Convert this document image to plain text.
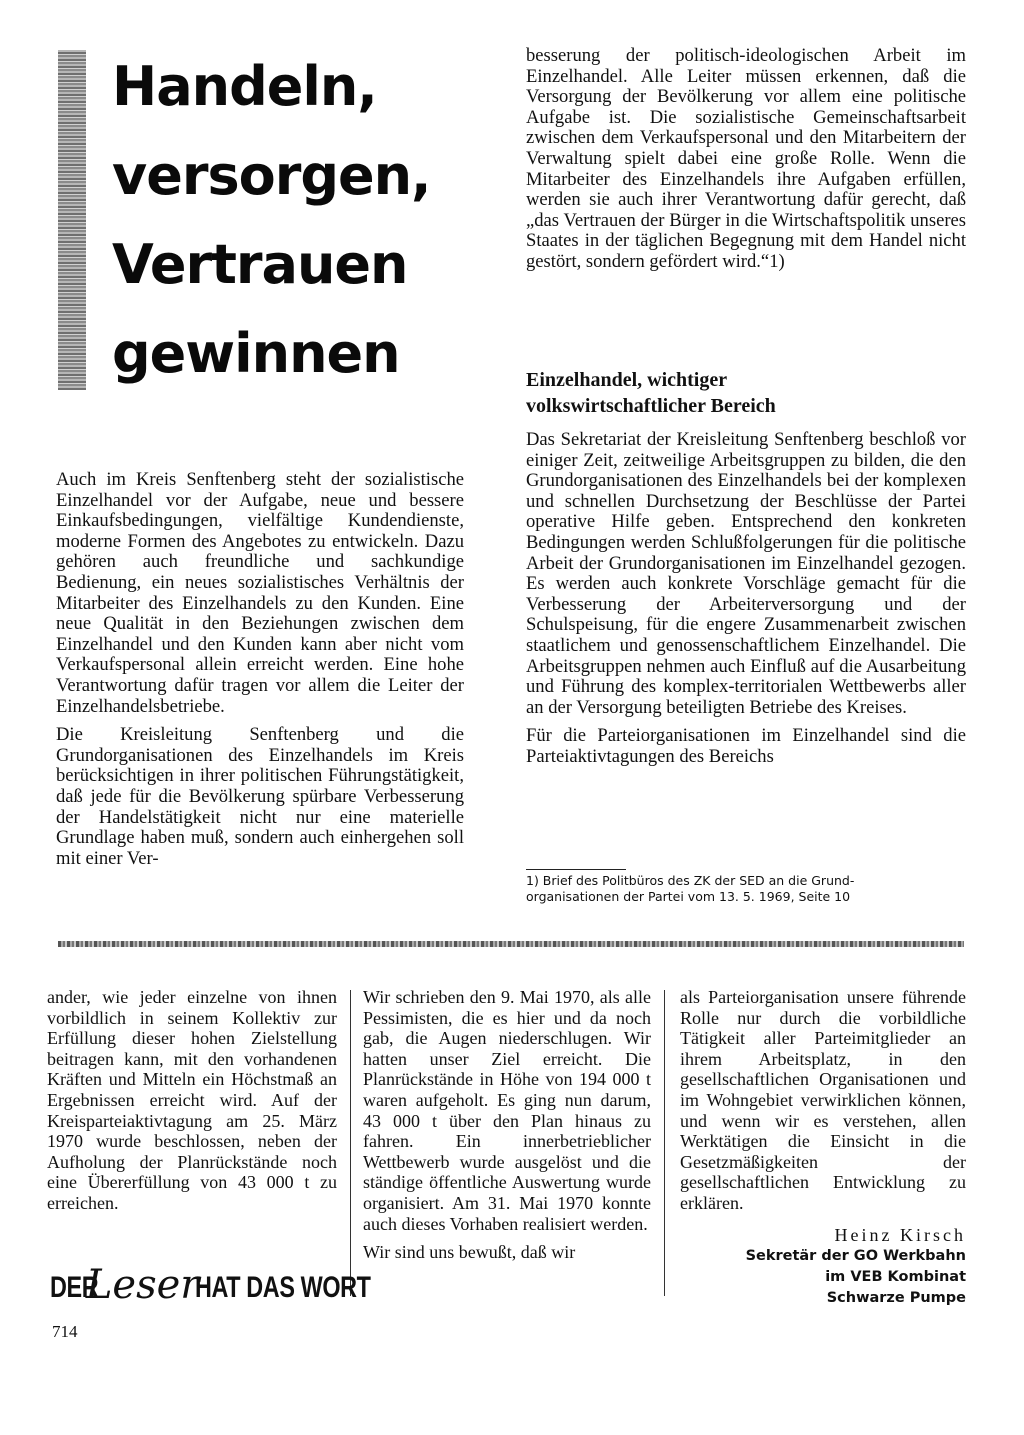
Handeln,
versorgen,
Vertrauen
gewinnen

Auch im Kreis Senftenberg steht der sozialistische Einzelhandel vor der Aufgabe, neue und bessere Einkaufsbedingungen, vielfältige Kundendienste, moderne Formen des Angebotes zu entwickeln. Dazu gehören auch freundliche und sachkundige Bedienung, ein neues sozialistisches Verhältnis der Mitarbeiter des Einzelhandels zu den Kunden. Eine neue Qualität in den Beziehungen zwischen dem Einzelhandel und den Kunden kann aber nicht vom Verkaufspersonal allein erreicht werden. Eine hohe Verantwortung dafür tragen vor allem die Leiter der Einzelhandelsbetriebe.

Die Kreisleitung Senftenberg und die Grundorganisationen des Einzelhandels im Kreis berücksichtigen in ihrer politischen Führungstätigkeit, daß jede für die Bevölkerung spürbare Verbesserung der Handelstätigkeit nicht nur eine materielle Grundlage haben muß, sondern auch einhergehen soll mit einer Ver-

besserung der politisch-ideologischen Arbeit im Einzelhandel. Alle Leiter müssen erkennen, daß die Versorgung der Bevölkerung vor allem eine politische Aufgabe ist. Die sozialistische Gemeinschaftsarbeit zwischen dem Verkaufspersonal und den Mitarbeitern der Verwaltung spielt dabei eine große Rolle. Wenn die Mitarbeiter des Einzelhandels ihre Aufgaben erfüllen, werden sie auch ihrer Verantwortung dafür gerecht, daß „das Vertrauen der Bürger in die Wirtschaftspolitik unseres Staates in der täglichen Begegnung mit dem Handel nicht gestört, sondern gefördert wird.“1)

Einzelhandel, wichtiger
volkswirtschaftlicher Bereich

Das Sekretariat der Kreisleitung Senftenberg beschloß vor einiger Zeit, zeitweilige Arbeitsgruppen zu bilden, die den Grundorganisationen des Einzelhandels bei der komplexen und schnellen Durchsetzung der Beschlüsse der Partei operative Hilfe geben. Entsprechend den konkreten Bedingungen werden Schlußfolgerungen für die politische Arbeit der Grundorganisationen im Einzelhandel gezogen. Es werden auch konkrete Vorschläge gemacht für die Verbesserung der Arbeiterversorgung und der Schulspeisung, für die engere Zusammenarbeit zwischen staatlichem und genossenschaftlichem Einzelhandel. Die Arbeitsgruppen nehmen auch Einfluß auf die Ausarbeitung und Führung des komplex-territorialen Wettbewerbs aller an der Versorgung beteiligten Betriebe des Kreises.

Für die Parteiorganisationen im Einzelhandel sind die Parteiaktivtagungen des Bereichs

1) Brief des Politbüros des ZK der SED an die Grund-
organisationen der Partei vom 13. 5. 1969, Seite 10

ander, wie jeder einzelne von ihnen vorbildlich in seinem Kollektiv zur Erfüllung dieser hohen Zielstellung beitragen kann, mit den vorhandenen Kräften und Mitteln ein Höchstmaß an Ergebnissen erreicht wird. Auf der Kreisparteiaktivtagung am 25. März 1970 wurde beschlossen, neben der Aufholung der Planrückstände noch eine Übererfüllung von 43 000 t zu erreichen.

Wir schrieben den 9. Mai 1970, als alle Pessimisten, die es hier und da noch gab, die Augen niederschlugen. Wir hatten unser Ziel erreicht. Die Planrückstände in Höhe von 194 000 t waren aufgeholt. Es ging nun darum, 43 000 t über den Plan hinaus zu fahren. Ein innerbetrieblicher Wettbewerb wurde ausgelöst und die ständige öffentliche Auswertung wurde organisiert. Am 31. Mai 1970 konnte auch dieses Vorhaben realisiert werden.

Wir sind uns bewußt, daß wir

als Parteiorganisation unsere führende Rolle nur durch die vorbildliche Tätigkeit aller Parteimitglieder an ihrem Arbeitsplatz, in den gesellschaftlichen Organisationen und im Wohngebiet verwirklichen können, und wenn wir es verstehen, allen Werktätigen die Einsicht in die Gesetzmäßigkeiten der gesellschaftlichen Entwicklung zu erklären.

Heinz Kirsch
Sekretär der GO Werkbahn
im VEB Kombinat
Schwarze Pumpe
DER
Leser
HAT DAS WORT
714
